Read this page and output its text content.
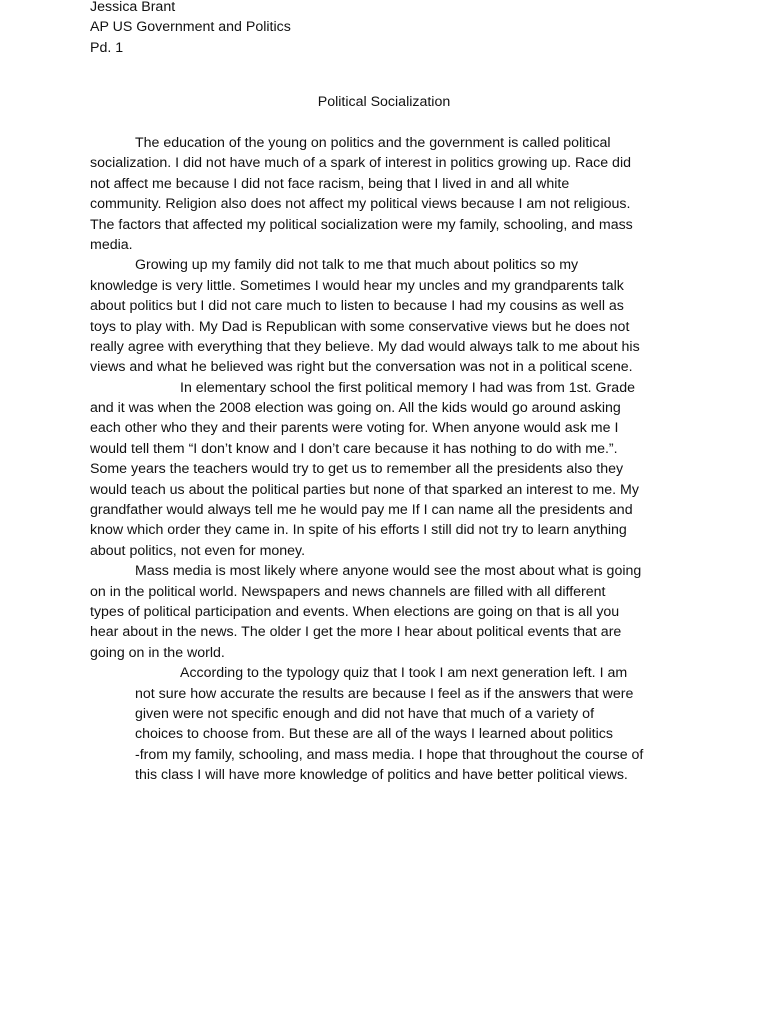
Jessica Brant
AP US Government and Politics
Pd. 1
Political Socialization
The education of the young on politics and the government is called political
socialization. I did not have much of a spark of interest in politics growing up. Race did
not affect me because I did not face racism, being that I lived in and all white
community. Religion also does not affect my political views because I am not religious.
The factors that affected my political socialization were my family, schooling, and mass
media.
Growing up my family did not talk to me that much about politics so my
knowledge is very little. Sometimes I would hear my uncles and my grandparents talk
about politics but I did not care much to listen to because I had my cousins as well as
toys to play with. My Dad is Republican with some conservative views but he does not
really agree with everything that they believe. My dad would always talk to me about his
views and what he believed was right but the conversation was not in a political scene.
In elementary school the first political memory I had was from 1st. Grade
and it was when the 2008 election was going on. All the kids would go around asking
each other who they and their parents were voting for. When anyone would ask me I
would tell them “I don’t know and I don’t care because it has nothing to do with me.”.
Some years the teachers would try to get us to remember all the presidents also they
would teach us about the political parties but none of that sparked an interest to me. My
grandfather would always tell me he would pay me If I can name all the presidents and
know which order they came in. In spite of his efforts I still did not try to learn anything
about politics, not even for money.
Mass media is most likely where anyone would see the most about what is going
on in the political world. Newspapers and news channels are filled with all different
types of political participation and events. When elections are going on that is all you
hear about in the news. The older I get the more I hear about political events that are
going on in the world.
According to the typology quiz that I took I am next generation left. I am
not sure how accurate the results are because I feel as if the answers that were
given were not specific enough and did not have that much of a variety of
choices to choose from. But these are all of the ways I learned about politics
-from my family, schooling, and mass media. I hope that throughout the course of
this class I will have more knowledge of politics and have better political views.
